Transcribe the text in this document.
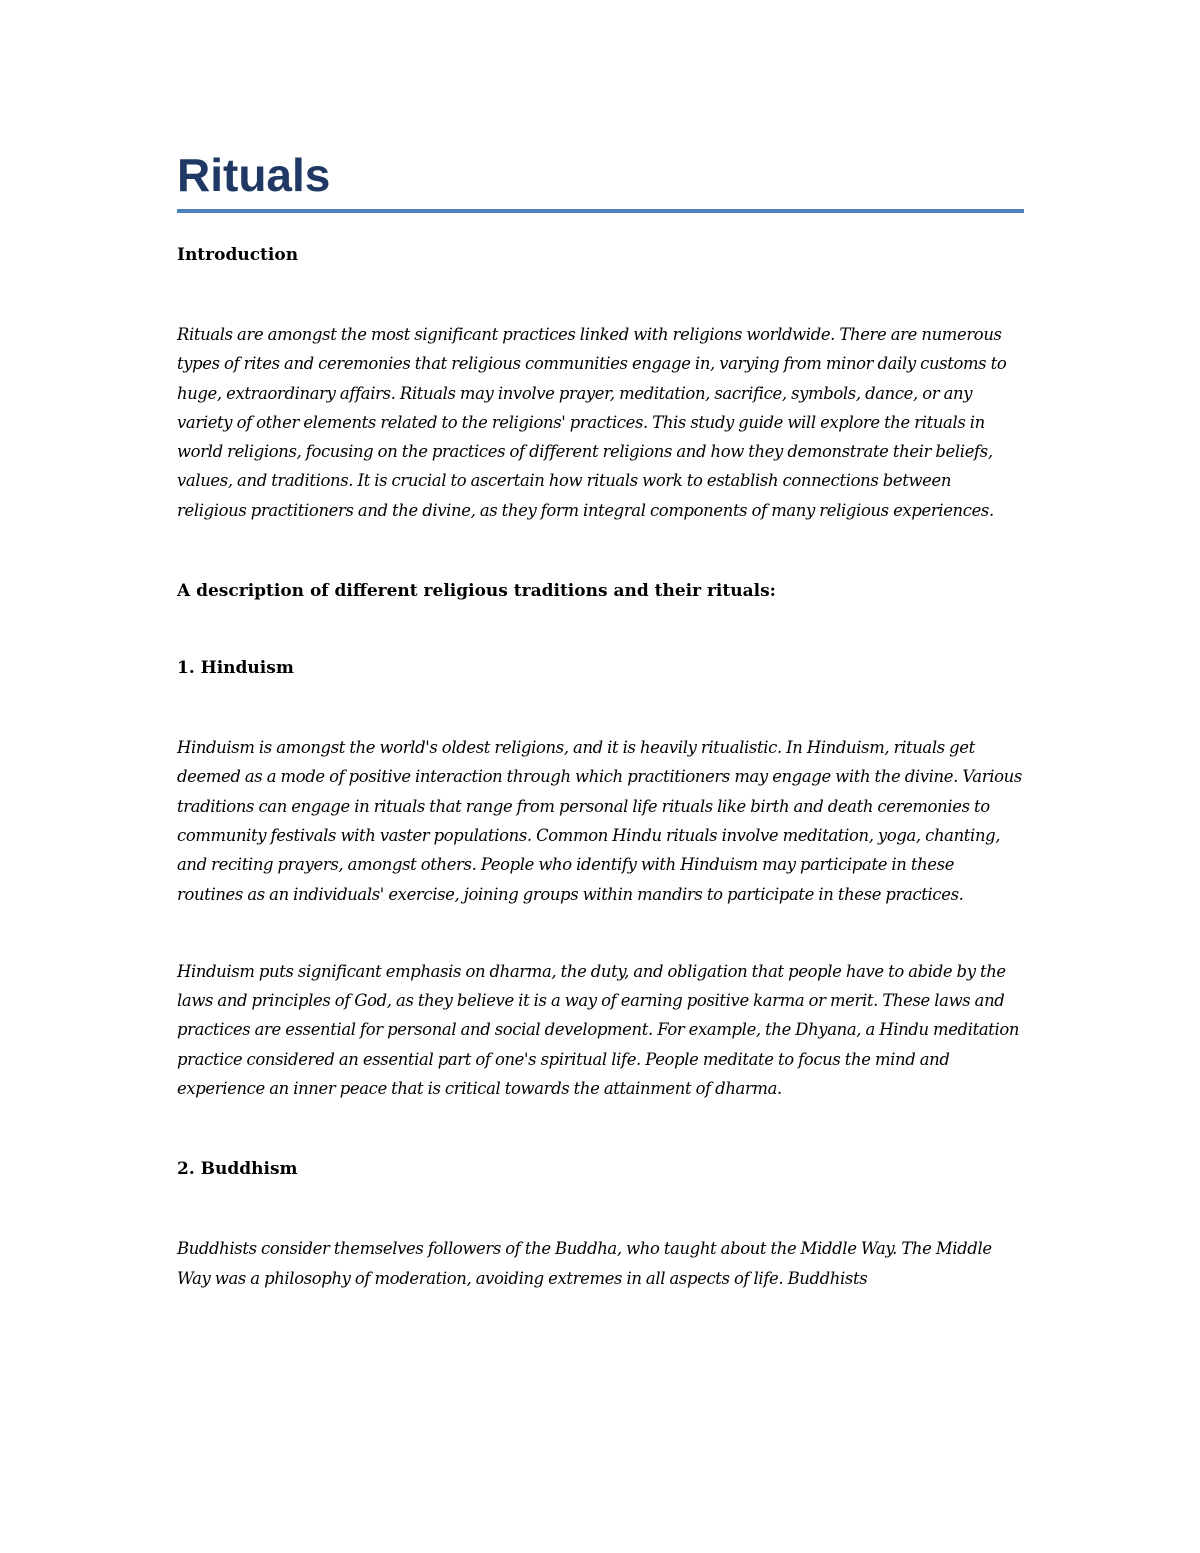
Rituals

Introduction

Rituals are amongst the most significant practices linked with religions worldwide. There are numerous types of rites and ceremonies that religious communities engage in, varying from minor daily customs to huge, extraordinary affairs. Rituals may involve prayer, meditation, sacrifice, symbols, dance, or any variety of other elements related to the religions' practices. This study guide will explore the rituals in world religions, focusing on the practices of different religions and how they demonstrate their beliefs, values, and traditions. It is crucial to ascertain how rituals work to establish connections between religious practitioners and the divine, as they form integral components of many religious experiences.

A description of different religious traditions and their rituals:

1. Hinduism

Hinduism is amongst the world's oldest religions, and it is heavily ritualistic. In Hinduism, rituals get deemed as a mode of positive interaction through which practitioners may engage with the divine. Various traditions can engage in rituals that range from personal life rituals like birth and death ceremonies to community festivals with vaster populations. Common Hindu rituals involve meditation, yoga, chanting, and reciting prayers, amongst others. People who identify with Hinduism may participate in these routines as an individuals' exercise, joining groups within mandirs to participate in these practices.

Hinduism puts significant emphasis on dharma, the duty, and obligation that people have to abide by the laws and principles of God, as they believe it is a way of earning positive karma or merit. These laws and practices are essential for personal and social development. For example, the Dhyana, a Hindu meditation practice considered an essential part of one's spiritual life. People meditate to focus the mind and experience an inner peace that is critical towards the attainment of dharma.

2. Buddhism

Buddhists consider themselves followers of the Buddha, who taught about the Middle Way. The Middle Way was a philosophy of moderation, avoiding extremes in all aspects of life. Buddhists
